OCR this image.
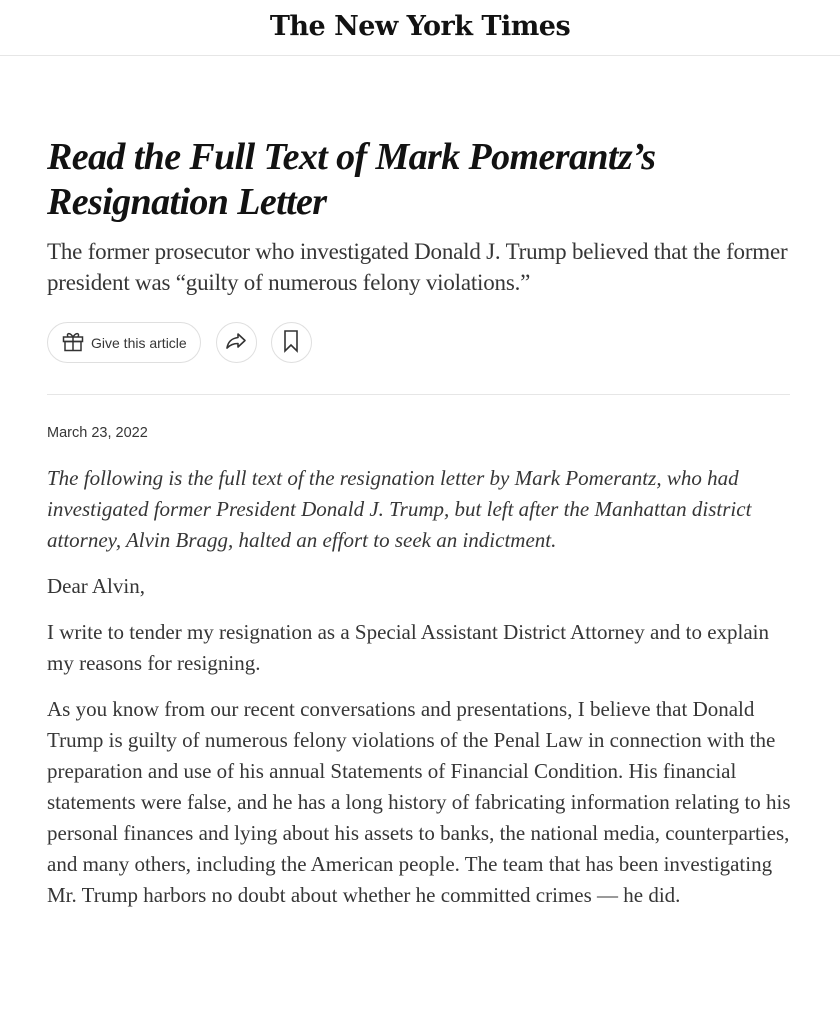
The New York Times
Read the Full Text of Mark Pomerantz’s Resignation Letter

The former prosecutor who investigated Donald J. Trump believed that the former president was “guilty of numerous felony violations.”

Give this article
March 23, 2022

The following is the full text of the resignation letter by Mark Pomerantz, who had investigated former President Donald J. Trump, but left after the Manhattan district attorney, Alvin Bragg, halted an effort to seek an indictment.

Dear Alvin,

I write to tender my resignation as a Special Assistant District Attorney and to explain my reasons for resigning.

As you know from our recent conversations and presentations, I believe that Donald Trump is guilty of numerous felony violations of the Penal Law in connection with the preparation and use of his annual Statements of Financial Condition. His financial statements were false, and he has a long history of fabricating information relating to his personal finances and lying about his assets to banks, the national media, counterparties, and many others, including the American people. The team that has been investigating Mr. Trump harbors no doubt about whether he committed crimes — he did.
